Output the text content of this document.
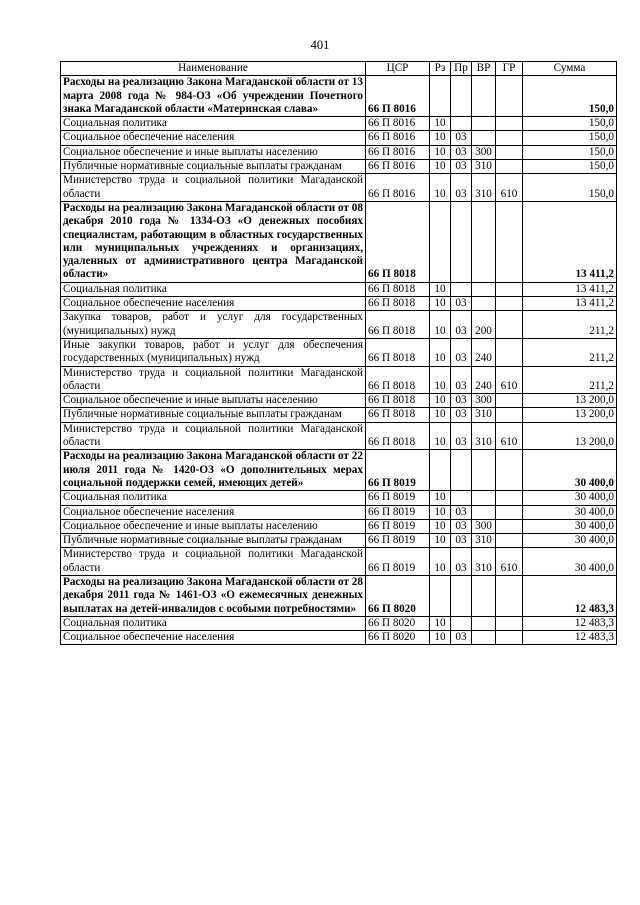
401
Наименование	ЦСР	Рз	Пр	ВР	ГР	Сумма
Расходы на реализацию Закона Магаданской области от 13 марта 2008 года № 984-ОЗ «Об учреждении Почетного знака Магаданской области «Материнская слава»	66 П 8016					150,0
Социальная политика	66 П 8016	10				150,0
Социальное обеспечение населения	66 П 8016	10	03			150,0
Социальное обеспечение и иные выплаты населению	66 П 8016	10	03	300		150,0
Публичные нормативные социальные выплаты гражданам	66 П 8016	10	03	310		150,0
Министерство труда и социальной политики Магаданской области	66 П 8016	10	03	310	610	150,0
Расходы на реализацию Закона Магаданской области от 08 декабря 2010 года № 1334-ОЗ «О денежных пособиях специалистам, работающим в областных государственных или муниципальных учреждениях и организациях, удаленных от административного центра Магаданской области»	66 П 8018					13 411,2
Социальная политика	66 П 8018	10				13 411,2
Социальное обеспечение населения	66 П 8018	10	03			13 411,2
Закупка товаров, работ и услуг для государственных (муниципальных) нужд	66 П 8018	10	03	200		211,2
Иные закупки товаров, работ и услуг для обеспечения государственных (муниципальных) нужд	66 П 8018	10	03	240		211,2
Министерство труда и социальной политики Магаданской области	66 П 8018	10	03	240	610	211,2
Социальное обеспечение и иные выплаты населению	66 П 8018	10	03	300		13 200,0
Публичные нормативные социальные выплаты гражданам	66 П 8018	10	03	310		13 200,0
Министерство труда и социальной политики Магаданской области	66 П 8018	10	03	310	610	13 200,0
Расходы на реализацию Закона Магаданской области от 22 июля 2011 года № 1420-ОЗ «О дополнительных мерах социальной поддержки семей, имеющих детей»	66 П 8019					30 400,0
Социальная политика	66 П 8019	10				30 400,0
Социальное обеспечение населения	66 П 8019	10	03			30 400,0
Социальное обеспечение и иные выплаты населению	66 П 8019	10	03	300		30 400,0
Публичные нормативные социальные выплаты гражданам	66 П 8019	10	03	310		30 400,0
Министерство труда и социальной политики Магаданской области	66 П 8019	10	03	310	610	30 400,0
Расходы на реализацию Закона Магаданской области от 28 декабря 2011 года № 1461-ОЗ «О ежемесячных денежных выплатах на детей-инвалидов с особыми потребностями»	66 П 8020					12 483,3
Социальная политика	66 П 8020	10				12 483,3
Социальное обеспечение населения	66 П 8020	10	03			12 483,3
